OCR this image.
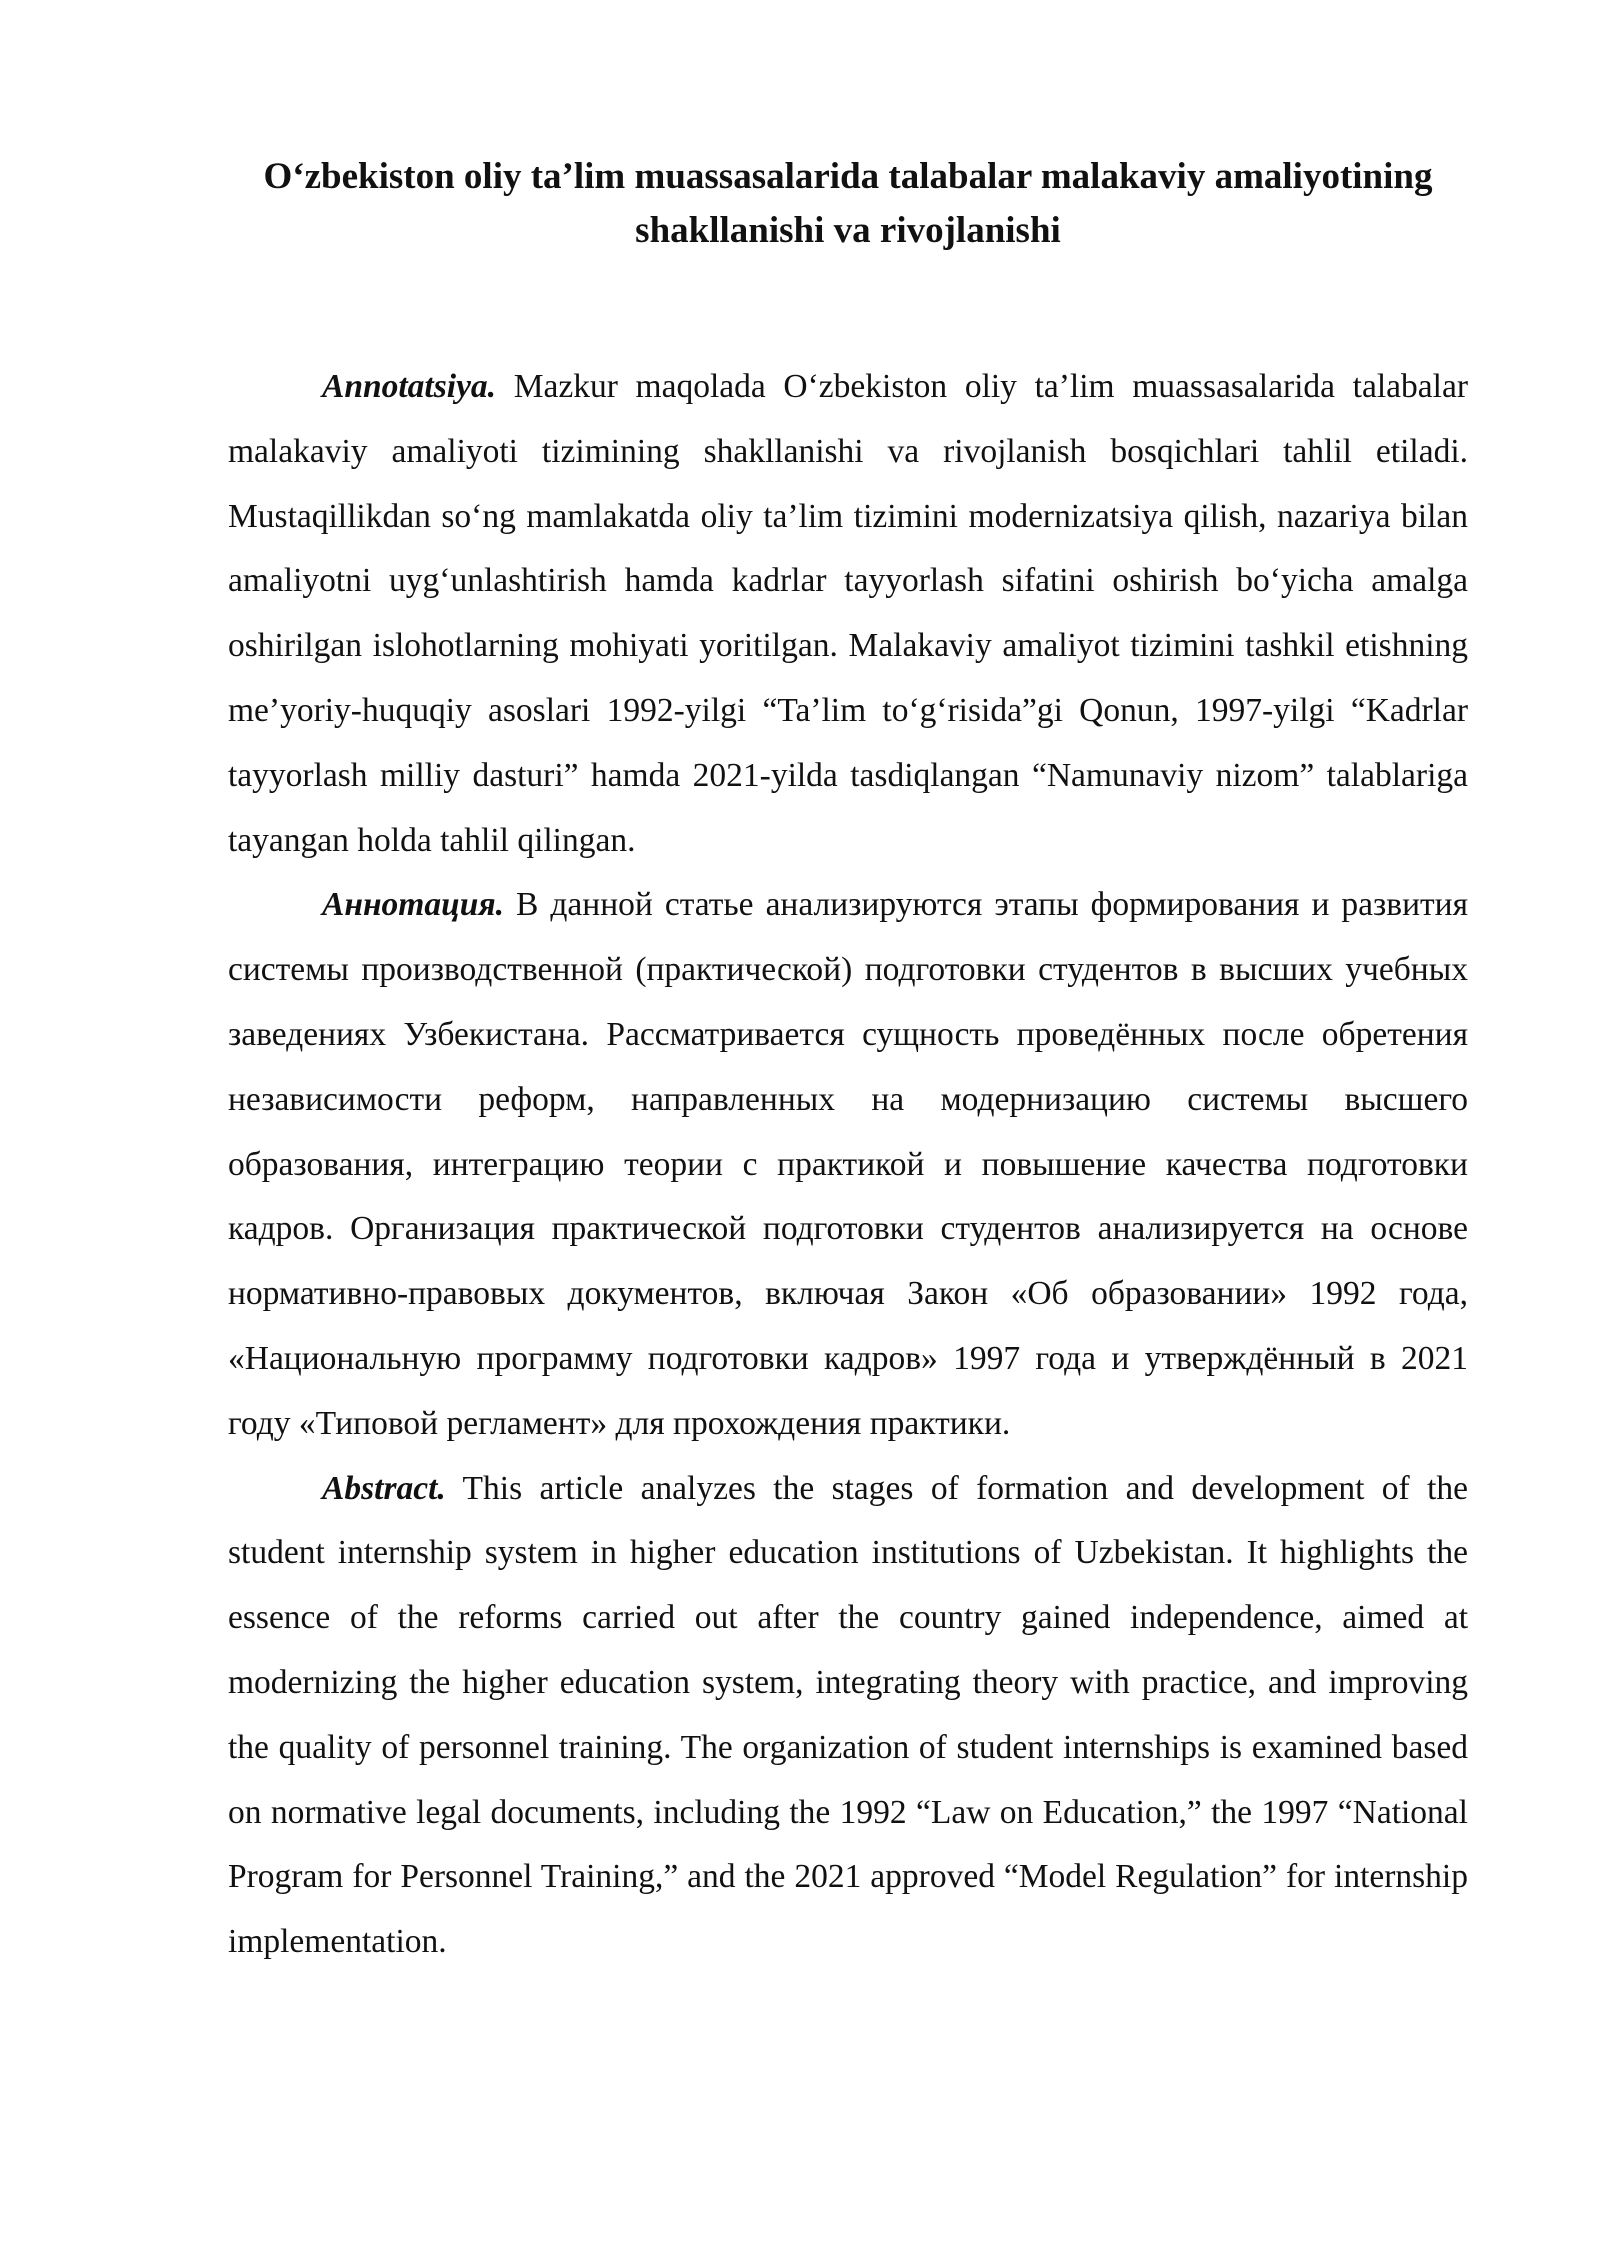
O‘zbekiston oliy ta’lim muassasalarida talabalar malakaviy amaliyotining shakllanishi va rivojlanishi

Annotatsiya. Mazkur maqolada O‘zbekiston oliy ta’lim muassasalarida talabalar malakaviy amaliyoti tizimining shakllanishi va rivojlanish bosqichlari tahlil etiladi. Mustaqillikdan so‘ng mamlakatda oliy ta’lim tizimini modernizatsiya qilish, nazariya bilan amaliyotni uyg‘unlashtirish hamda kadrlar tayyorlash sifatini oshirish bo‘yicha amalga oshirilgan islohotlarning mohiyati yoritilgan. Malakaviy amaliyot tizimini tashkil etishning me’yoriy-huquqiy asoslari 1992-yilgi “Ta’lim to‘g‘risida”gi Qonun, 1997-yilgi “Kadrlar tayyorlash milliy dasturi” hamda 2021-yilda tasdiqlangan “Namunaviy nizom” talablariga tayangan holda tahlil qilingan.

Аннотация. В данной статье анализируются этапы формирования и развития системы производственной (практической) подготовки студентов в высших учебных заведениях Узбекистана. Рассматривается сущность проведённых после обретения независимости реформ, направленных на модернизацию системы высшего образования, интеграцию теории с практикой и повышение качества подготовки кадров. Организация практической подготовки студентов анализируется на основе нормативно-правовых документов, включая Закон «Об образовании» 1992 года, «Национальную программу подготовки кадров» 1997 года и утверждённый в 2021 году «Типовой регламент» для прохождения практики.

Abstract. This article analyzes the stages of formation and development of the student internship system in higher education institutions of Uzbekistan. It highlights the essence of the reforms carried out after the country gained independence, aimed at modernizing the higher education system, integrating theory with practice, and improving the quality of personnel training. The organization of student internships is examined based on normative legal documents, including the 1992 “Law on Education,” the 1997 “National Program for Personnel Training,” and the 2021 approved “Model Regulation” for internship implementation.
